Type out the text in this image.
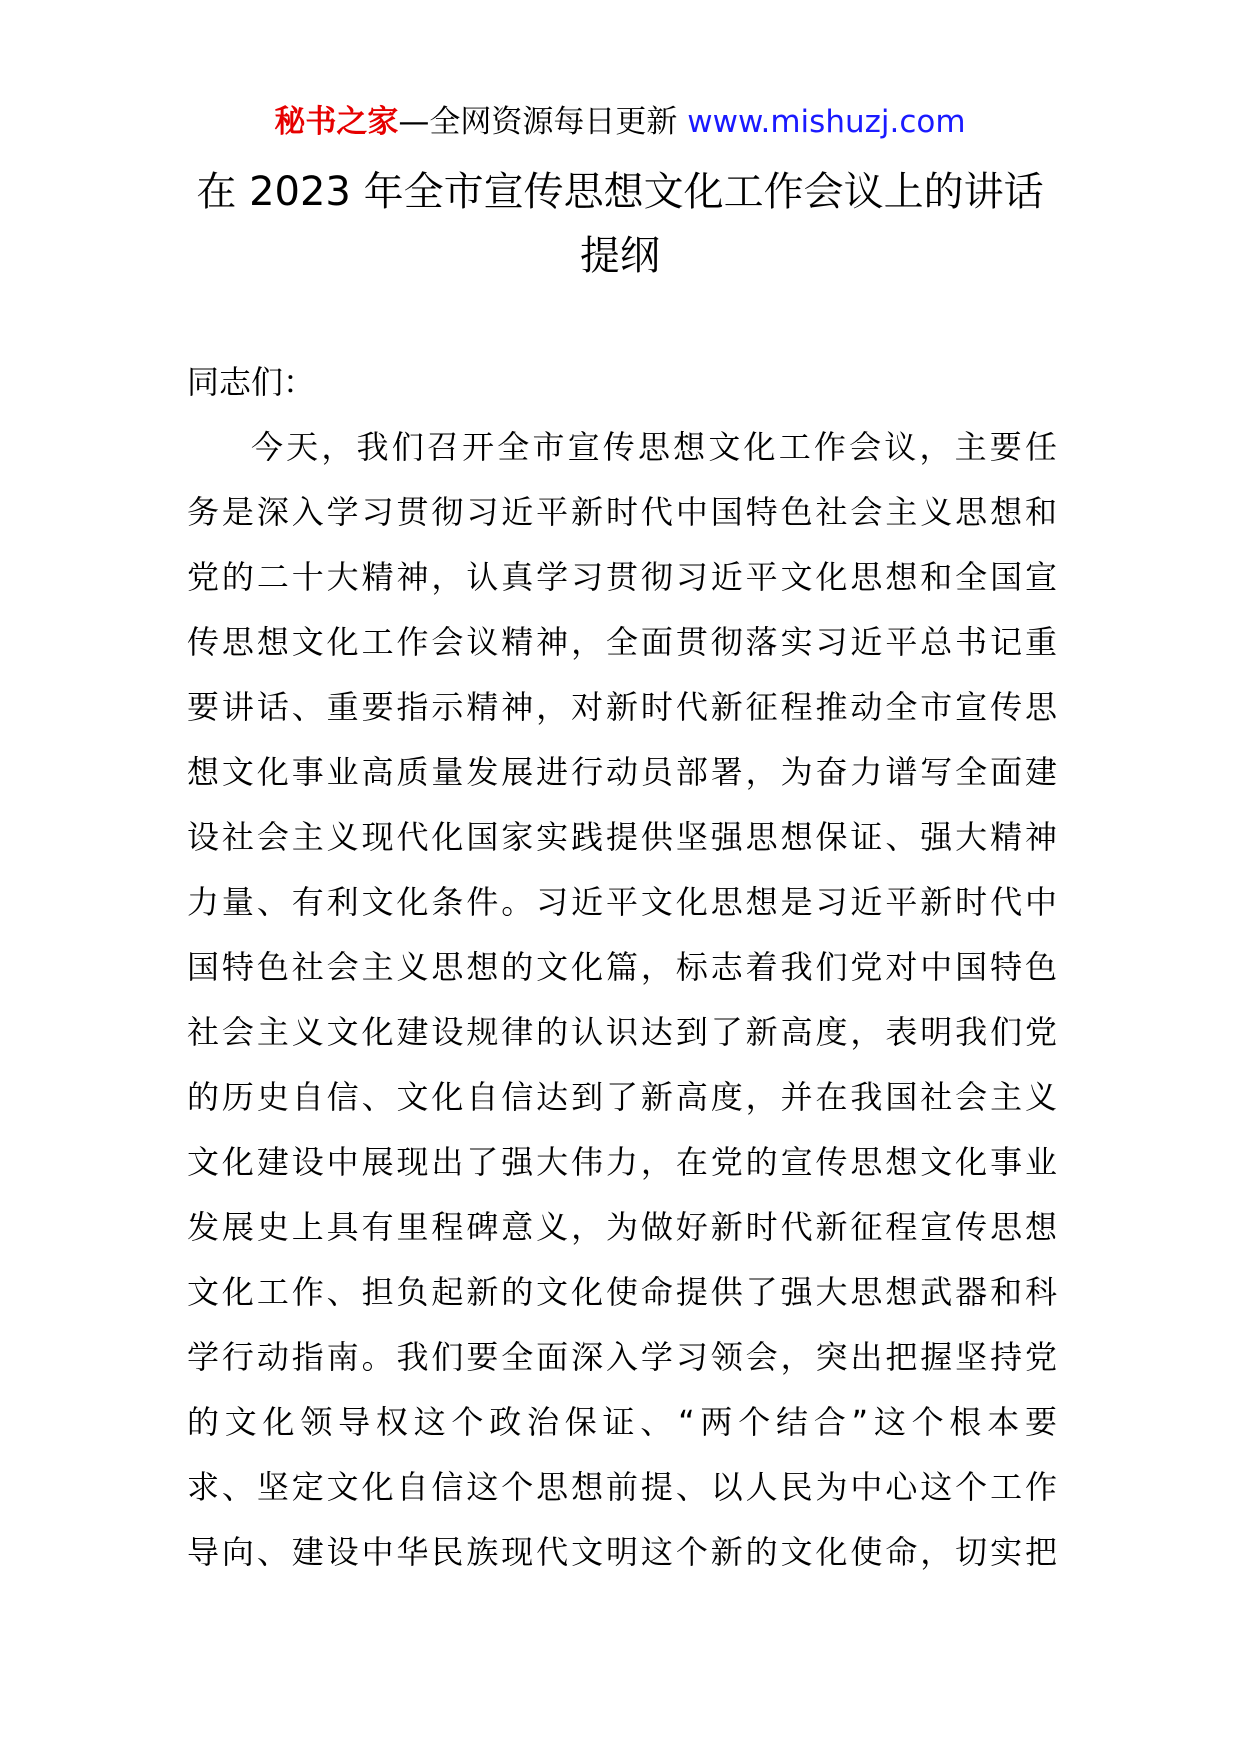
秘书之家—全网资源每日更新 www.mishuzj.com
在 2023 年全市宣传思想文化工作会议上的讲话
提纲
同志们：
今天，我们召开全市宣传思想文化工作会议，主要任
务是深入学习贯彻习近平新时代中国特色社会主义思想和
党的二十大精神，认真学习贯彻习近平文化思想和全国宣
传思想文化工作会议精神，全面贯彻落实习近平总书记重
要讲话、重要指示精神，对新时代新征程推动全市宣传思
想文化事业高质量发展进行动员部署，为奋力谱写全面建
设社会主义现代化国家实践提供坚强思想保证、强大精神
力量、有利文化条件。习近平文化思想是习近平新时代中
国特色社会主义思想的文化篇，标志着我们党对中国特色
社会主义文化建设规律的认识达到了新高度，表明我们党
的历史自信、文化自信达到了新高度，并在我国社会主义
文化建设中展现出了强大伟力，在党的宣传思想文化事业
发展史上具有里程碑意义，为做好新时代新征程宣传思想
文化工作、担负起新的文化使命提供了强大思想武器和科
学行动指南。我们要全面深入学习领会，突出把握坚持党
的文化领导权这个政治保证、“两个结合”这个根本要
求、坚定文化自信这个思想前提、以人民为中心这个工作
导向、建设中华民族现代文明这个新的文化使命，切实把
